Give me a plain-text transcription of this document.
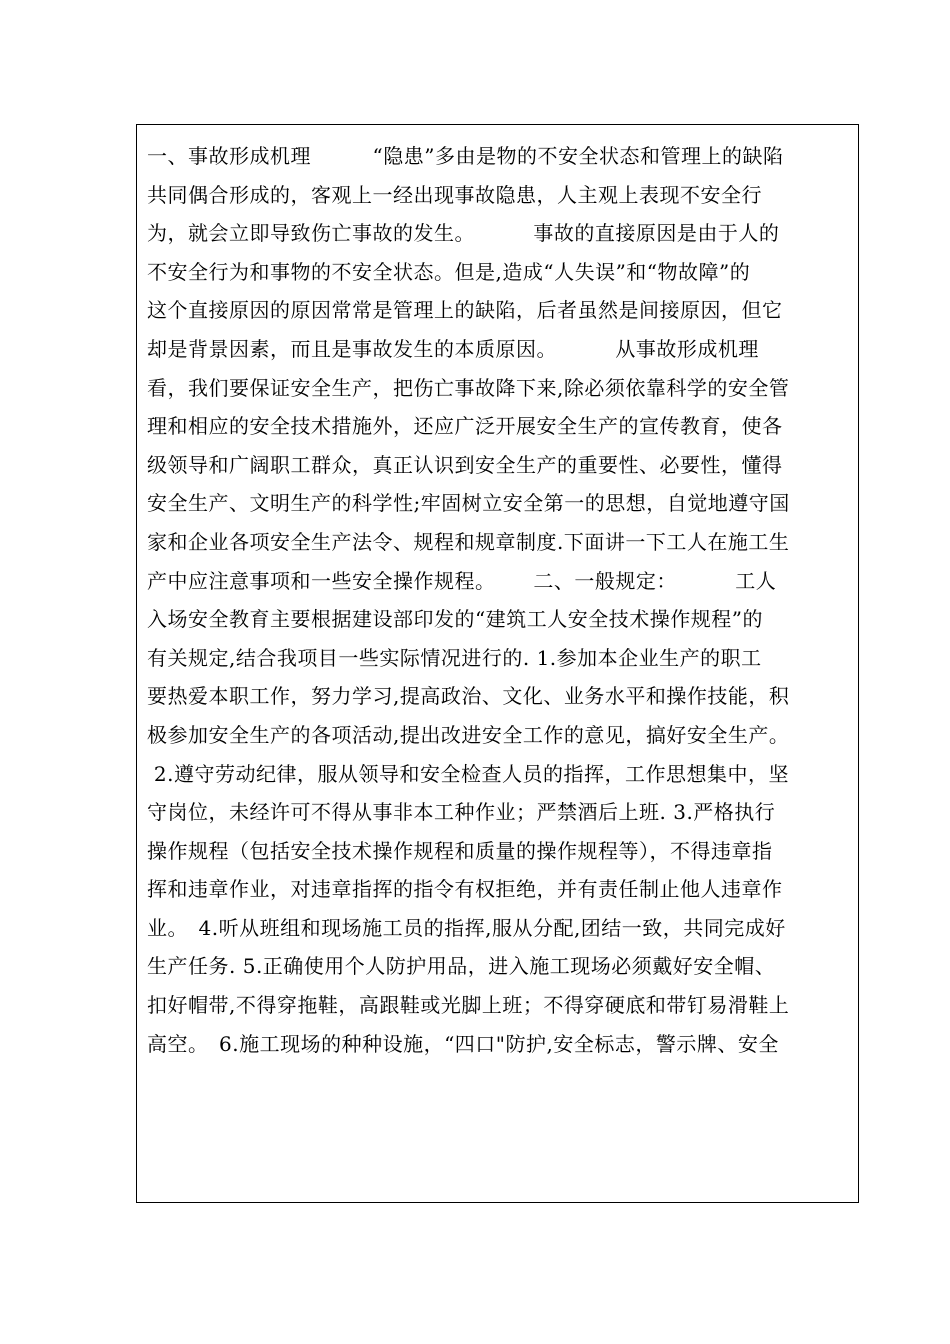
一、事故形成机理　　　“隐患”多由是物的不安全状态和管理上的缺陷
共同偶合形成的，客观上一经出现事故隐患，人主观上表现不安全行
为，就会立即导致伤亡事故的发生。　　　 事故的直接原因是由于人的
不安全行为和事物的不安全状态。但是,造成“人失误”和“物故障”的
这个直接原因的原因常常是管理上的缺陷，后者虽然是间接原因，但它
却是背景因素，而且是事故发生的本质原因。　　　 从事故形成机理
看，我们要保证安全生产，把伤亡事故降下来,除必须依靠科学的安全管
理和相应的安全技术措施外，还应广泛开展安全生产的宣传教育，使各
级领导和广阔职工群众，真正认识到安全生产的重要性、必要性，懂得
安全生产、文明生产的科学性;牢固树立安全第一的思想，自觉地遵守国
家和企业各项安全生产法令、规程和规章制度.下面讲一下工人在施工生
产中应注意事项和一些安全操作规程。　　 二、一般规定：　　　 工人
入场安全教育主要根据建设部印发的“建筑工人安全技术操作规程”的
有关规定,结合我项目一些实际情况进行的. 1.参加本企业生产的职工
要热爱本职工作，努力学习,提高政治、文化、业务水平和操作技能，积
极参加安全生产的各项活动,提出改进安全工作的意见，搞好安全生产。
2.遵守劳动纪律，服从领导和安全检查人员的指挥，工作思想集中，坚
守岗位，未经许可不得从事非本工种作业；严禁酒后上班. 3.严格执行
操作规程（包括安全技术操作规程和质量的操作规程等），不得违章指
挥和违章作业，对违章指挥的指令有权拒绝，并有责任制止他人违章作
业。　4.听从班组和现场施工员的指挥,服从分配,团结一致，共同完成好
生产任务. 5.正确使用个人防护用品，进入施工现场必须戴好安全帽、
扣好帽带,不得穿拖鞋，高跟鞋或光脚上班；不得穿硬底和带钉易滑鞋上
高空。　6.施工现场的种种设施，“四口"防护,安全标志，警示牌、安全
